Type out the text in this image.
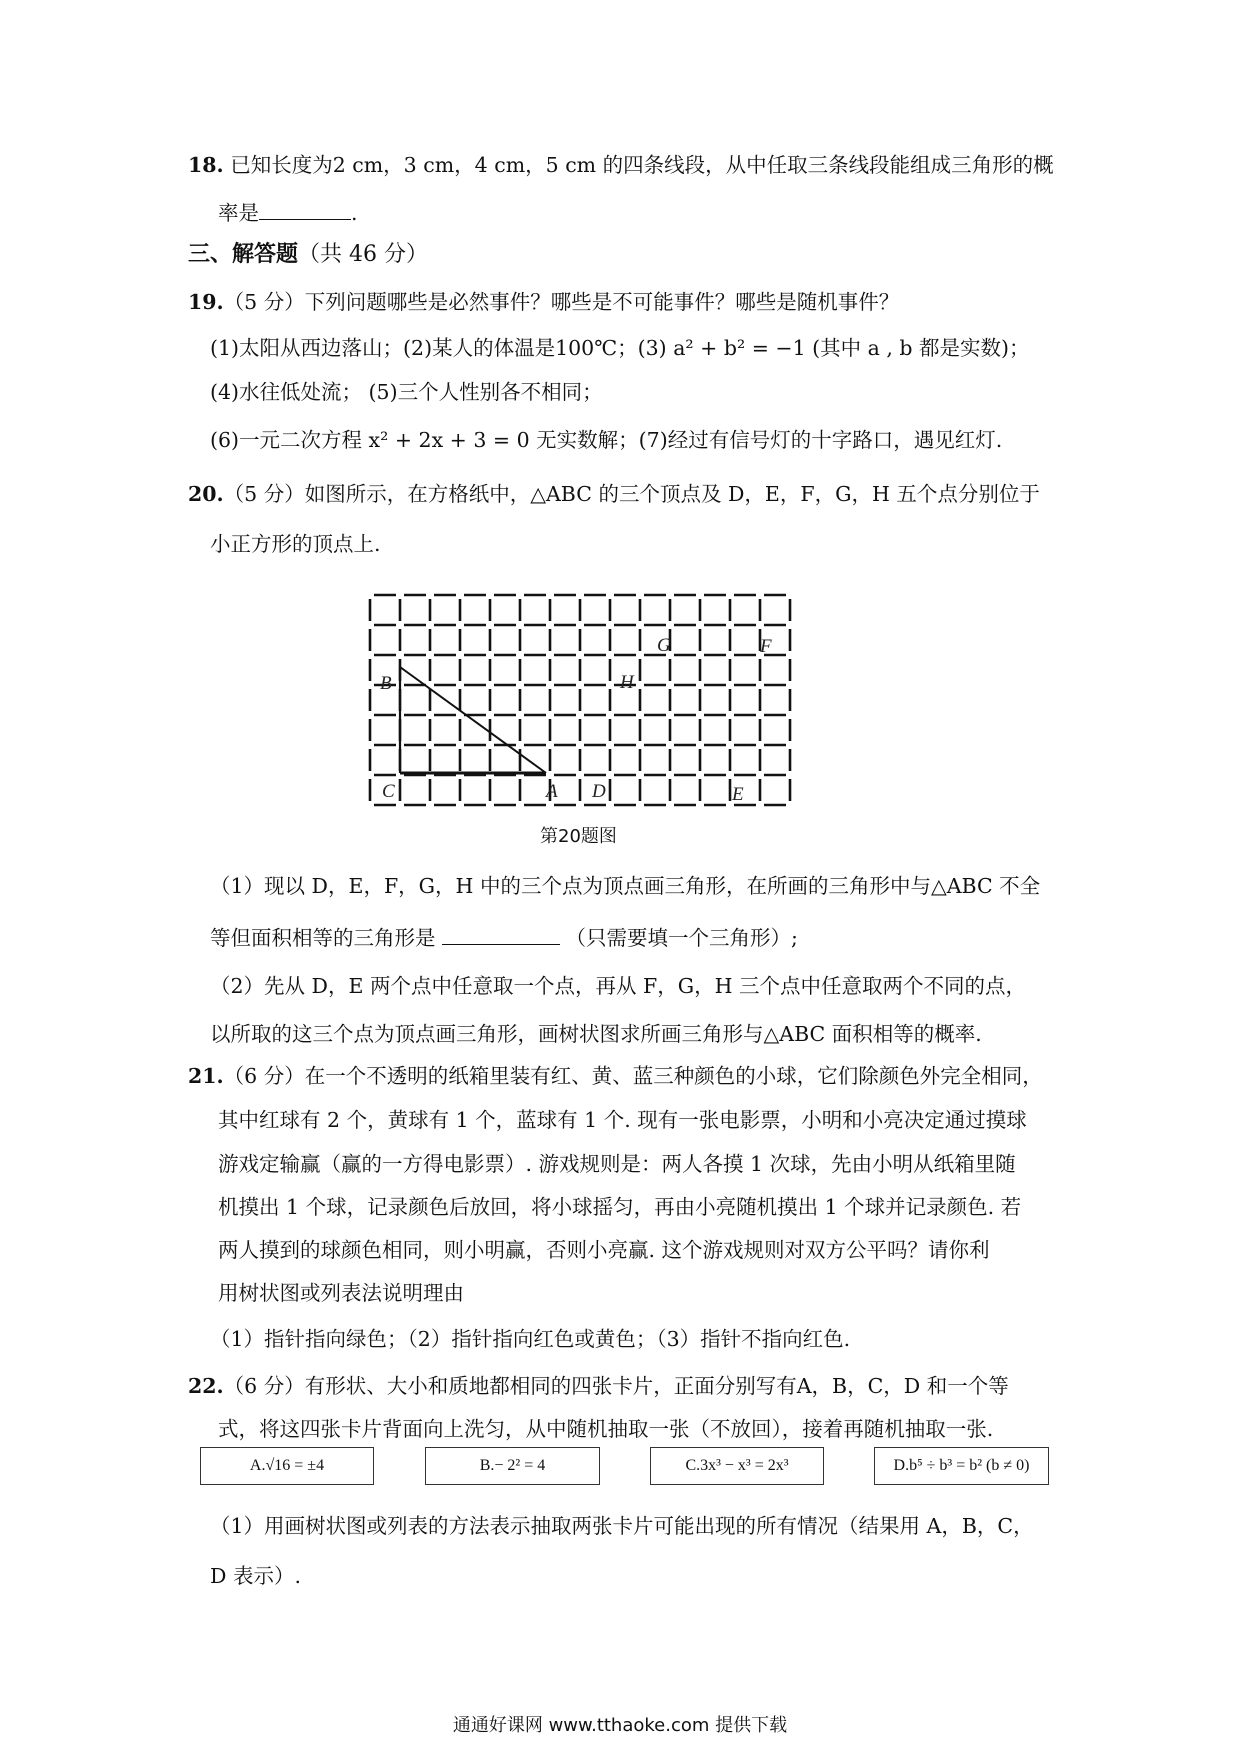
18. 已知长度为2 cm，3 cm，4 cm，5 cm 的四条线段，从中任取三条线段能组成三角形的概
率是	.
三、解答题（共 46 分）
19.（5 分）下列问题哪些是必然事件？哪些是不可能事件？哪些是随机事件？
(1)太阳从西边落山；(2)某人的体温是100℃；(3) a² + b² = −1 (其中 a , b 都是实数)；
(4)水往低处流； (5)三个人性别各不相同；
(6)一元二次方程 x² + 2x + 3 = 0 无实数解；(7)经过有信号灯的十字路口，遇见红灯.
20.（5 分）如图所示，在方格纸中，△ABC 的三个顶点及 D，E，F，G，H 五个点分别位于
小正方形的顶点上.
B
C	A D	E
F
G
H
第20题图
（1）现以 D，E，F，G，H 中的三个点为顶点画三角形，在所画的三角形中与△ABC 不全
等但面积相等的三角形是	（只需要填一个三角形）;
（2）先从 D，E 两个点中任意取一个点，再从 F，G，H 三个点中任意取两个不同的点，
以所取的这三个点为顶点画三角形，画树状图求所画三角形与△ABC 面积相等的概率.
21.（6 分）在一个不透明的纸箱里装有红、黄、蓝三种颜色的小球，它们除颜色外完全相同，
其中红球有 2 个，黄球有 1 个，蓝球有 1 个. 现有一张电影票，小明和小亮决定通过摸球
游戏定输赢（赢的一方得电影票）. 游戏规则是：两人各摸 1 次球，先由小明从纸箱里随
机摸出 1 个球，记录颜色后放回，将小球摇匀，再由小亮随机摸出 1 个球并记录颜色. 若
两人摸到的球颜色相同，则小明赢，否则小亮赢. 这个游戏规则对双方公平吗？请你利
用树状图或列表法说明理由
（1）指针指向绿色；（2）指针指向红色或黄色；（3）指针不指向红色.
22.（6 分）有形状、大小和质地都相同的四张卡片，正面分别写有A，B，C，D 和一个等
式，将这四张卡片背面向上洗匀，从中随机抽取一张（不放回），接着再随机抽取一张.
A.√16 = ±4	B.− 2² = 4	C.3x³ − x³ = 2x³	D.b⁵ ÷ b³ = b² (b ≠ 0)
（1）用画树状图或列表的方法表示抽取两张卡片可能出现的所有情况（结果用 A，B，C，
D 表示）.
通通好课网 www.tthaoke.com 提供下载
